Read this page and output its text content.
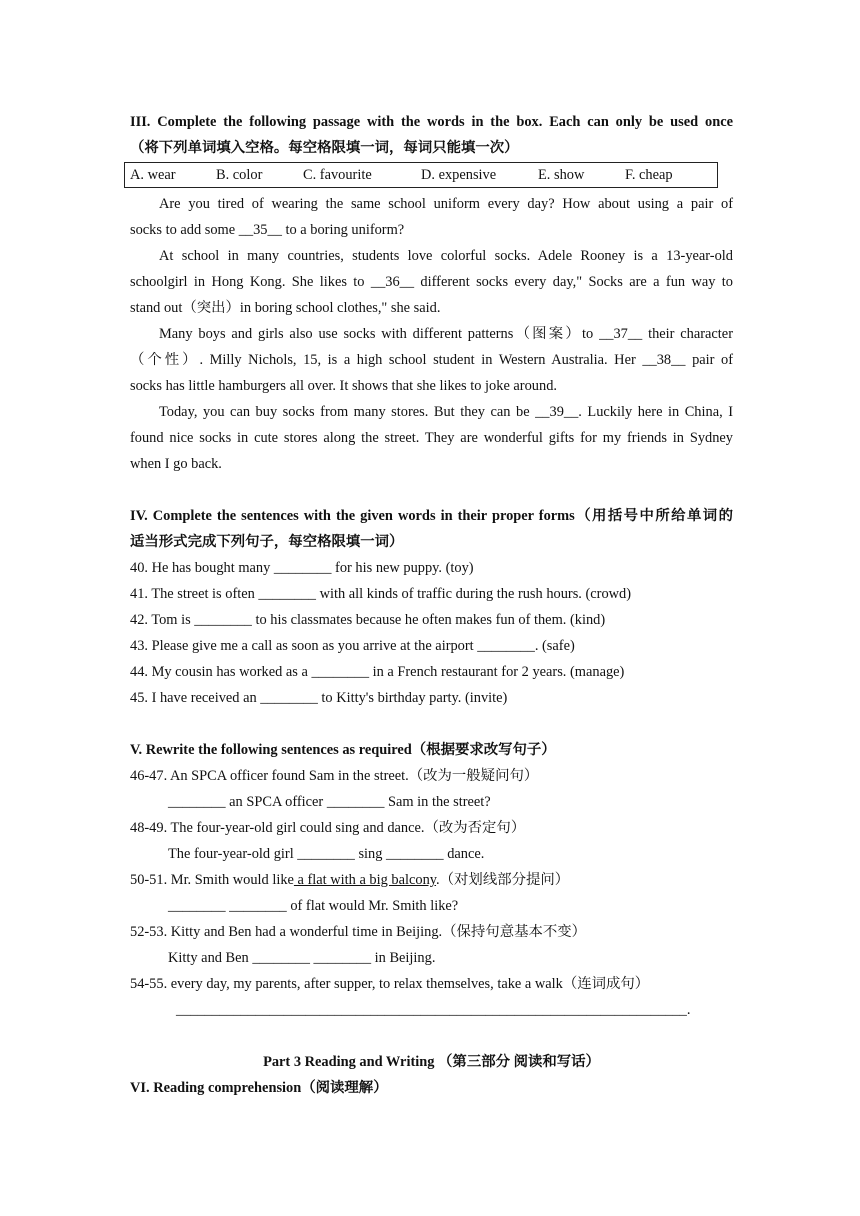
III. Complete the following passage with the words in the box. Each can only be used once
（将下列单词填入空格。每空格限填一词，每词只能填一次）
A. wear	B. color	C. favourite	D. expensive	E. show	F. cheap
Are you tired of wearing the same school uniform every day? How about using a pair of
socks to add some __35__ to a boring uniform?
At school in many countries, students love colorful socks. Adele Rooney is a 13-year-old
schoolgirl in Hong Kong. She likes to __36__ different socks every day," Socks are a fun way to
stand out（突出）in boring school clothes," she said.
Many boys and girls also use socks with different patterns（图案）to __37__ their character
（个性）. Milly Nichols, 15, is a high school student in Western Australia. Her __38__ pair of
socks has little hamburgers all over. It shows that she likes to joke around.
Today, you can buy socks from many stores. But they can be __39__. Luckily here in China, I
found nice socks in cute stores along the street. They are wonderful gifts for my friends in Sydney
when I go back.
IV. Complete the sentences with the given words in their proper forms（用括号中所给单词的
适当形式完成下列句子，每空格限填一词）
40. He has bought many ________ for his new puppy. (toy)
41. The street is often ________ with all kinds of traffic during the rush hours. (crowd)
42. Tom is ________ to his classmates because he often makes fun of them. (kind)
43. Please give me a call as soon as you arrive at the airport ________. (safe)
44. My cousin has worked as a ________ in a French restaurant for 2 years. (manage)
45. I have received an ________ to Kitty's birthday party. (invite)
V. Rewrite the following sentences as required（根据要求改写句子）
46-47. An SPCA officer found Sam in the street.（改为一般疑问句）
________ an SPCA officer ________ Sam in the street?
48-49. The four-year-old girl could sing and dance.（改为否定句）
The four-year-old girl ________ sing ________ dance.
50-51. Mr. Smith would like a flat with a big balcony.（对划线部分提问）
________ ________ of flat would Mr. Smith like?
52-53. Kitty and Ben had a wonderful time in Beijing.（保持句意基本不变）
Kitty and Ben ________ ________ in Beijing.
54-55. every day, my parents, after supper, to relax themselves, take a walk（连词成句）
_______________________________________________________________________.
Part 3 Reading and Writing （第三部分 阅读和写话）
VI. Reading comprehension（阅读理解）
